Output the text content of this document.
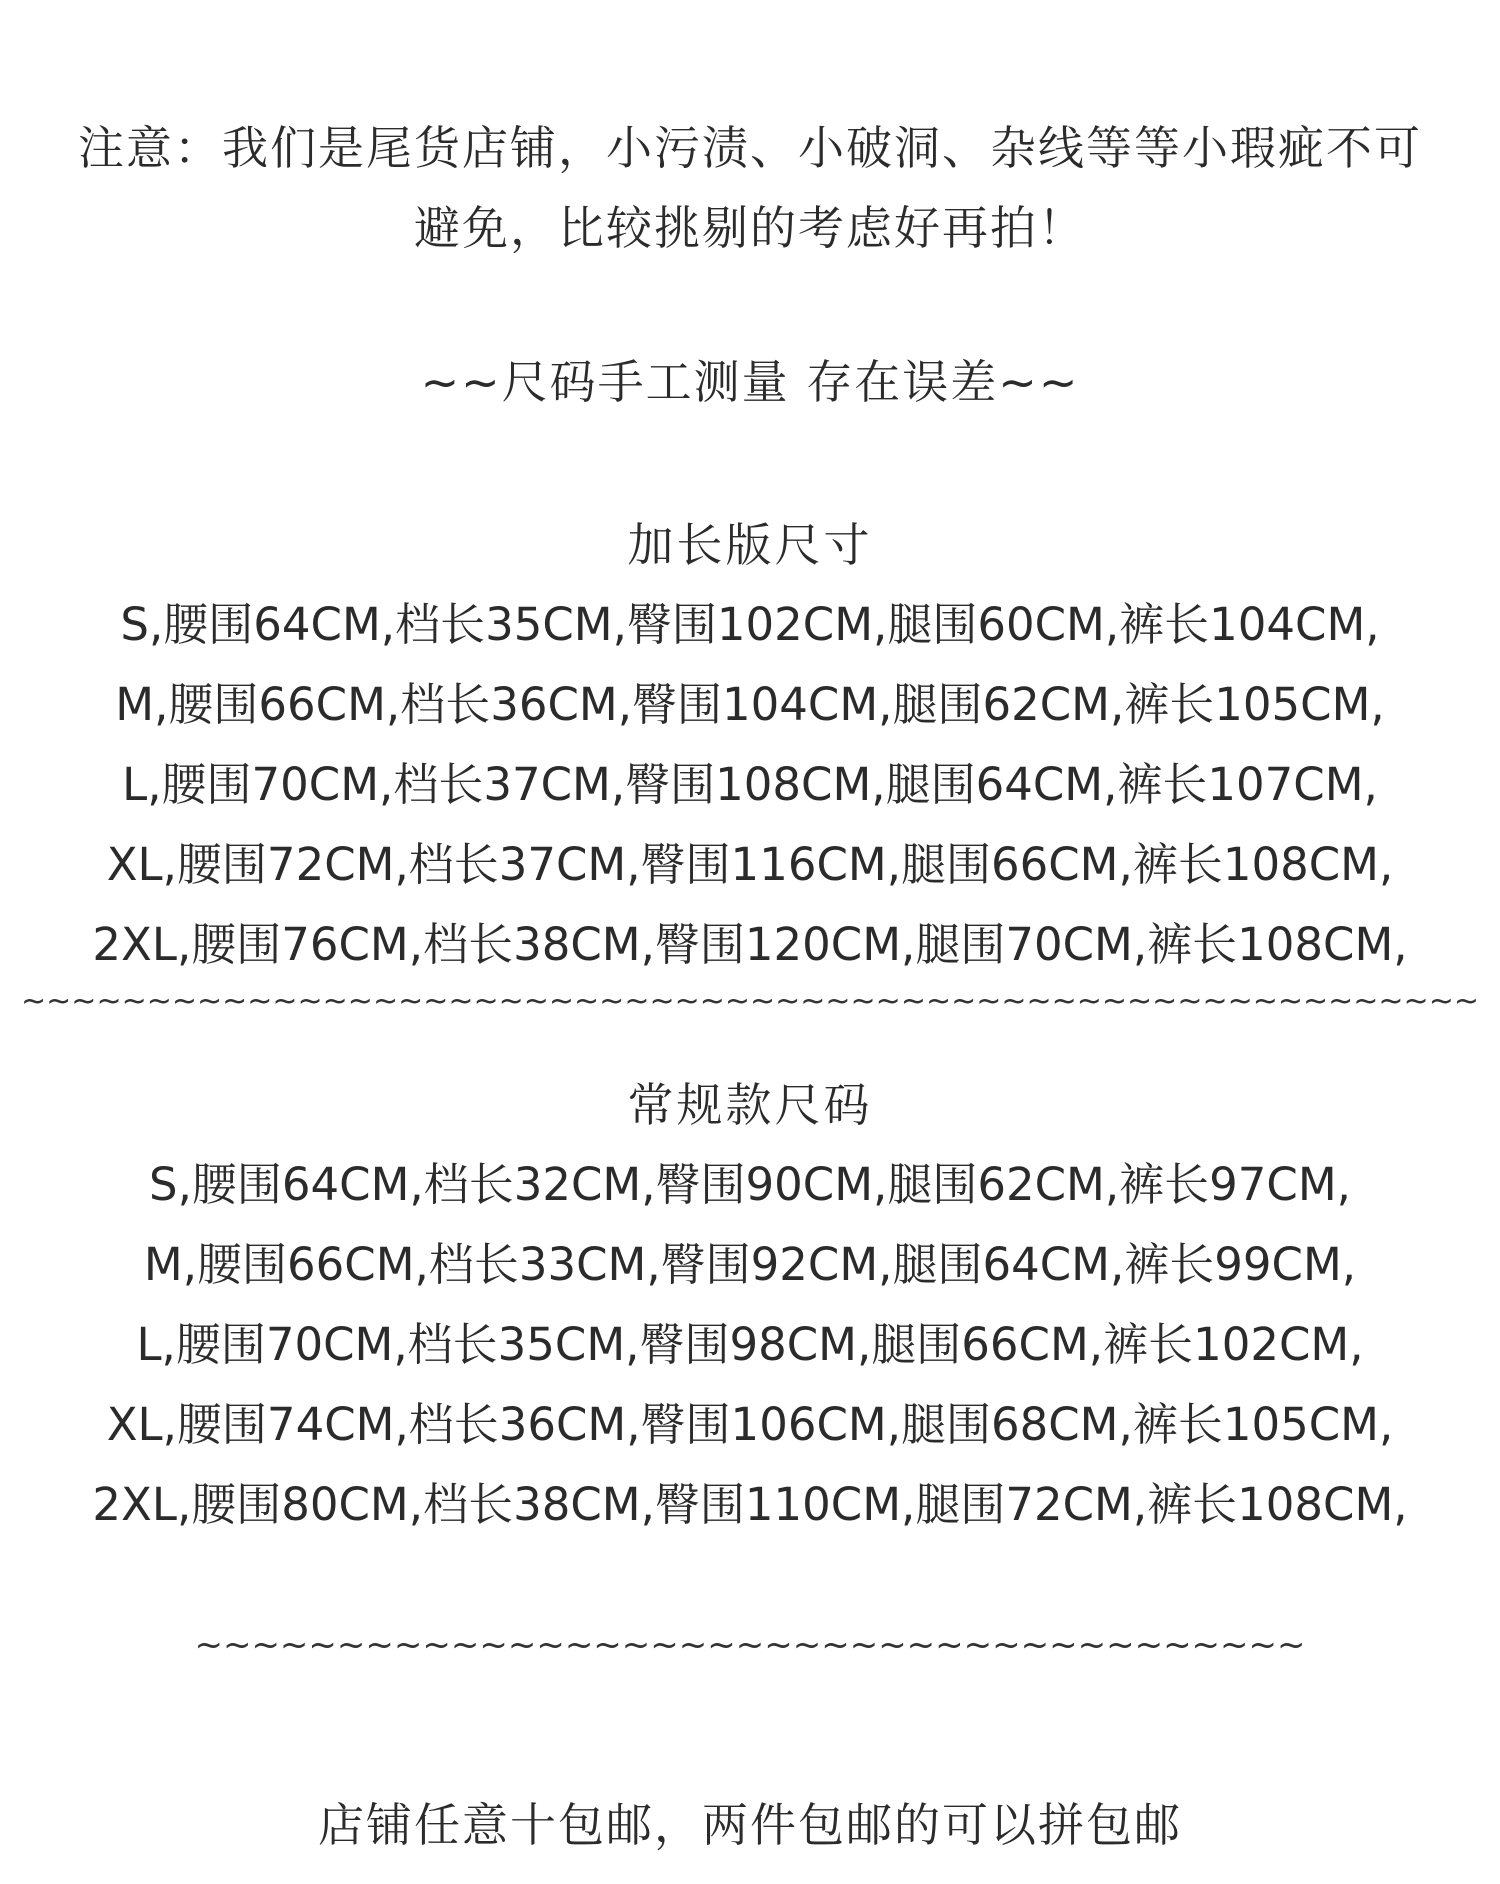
注意：我们是尾货店铺，小污渍、小破洞、杂线等等小瑕疵不可
避免，比较挑剔的考虑好再拍！
~~尺码手工测量 存在误差~~
加长版尺寸
S,腰围64CM,档长35CM,臀围102CM,腿围60CM,裤长104CM,
M,腰围66CM,档长36CM,臀围104CM,腿围62CM,裤长105CM,
L,腰围70CM,档长37CM,臀围108CM,腿围64CM,裤长107CM,
XL,腰围72CM,档长37CM,臀围116CM,腿围66CM,裤长108CM,
2XL,腰围76CM,档长38CM,臀围120CM,腿围70CM,裤长108CM,
~~~~~~~~~~~~~~~~~~~~~~~~~~~~~~~~~~~~~~~~~~~~~~~~~~~~~~~~~~
常规款尺码
S,腰围64CM,档长32CM,臀围90CM,腿围62CM,裤长97CM,
M,腰围66CM,档长33CM,臀围92CM,腿围64CM,裤长99CM,
L,腰围70CM,档长35CM,臀围98CM,腿围66CM,裤长102CM,
XL,腰围74CM,档长36CM,臀围106CM,腿围68CM,裤长105CM,
2XL,腰围80CM,档长38CM,臀围110CM,腿围72CM,裤长108CM,
~~~~~~~~~~~~~~~~~~~~~~~~~~~~~~~~~~~~~~~
店铺任意十包邮，两件包邮的可以拼包邮
